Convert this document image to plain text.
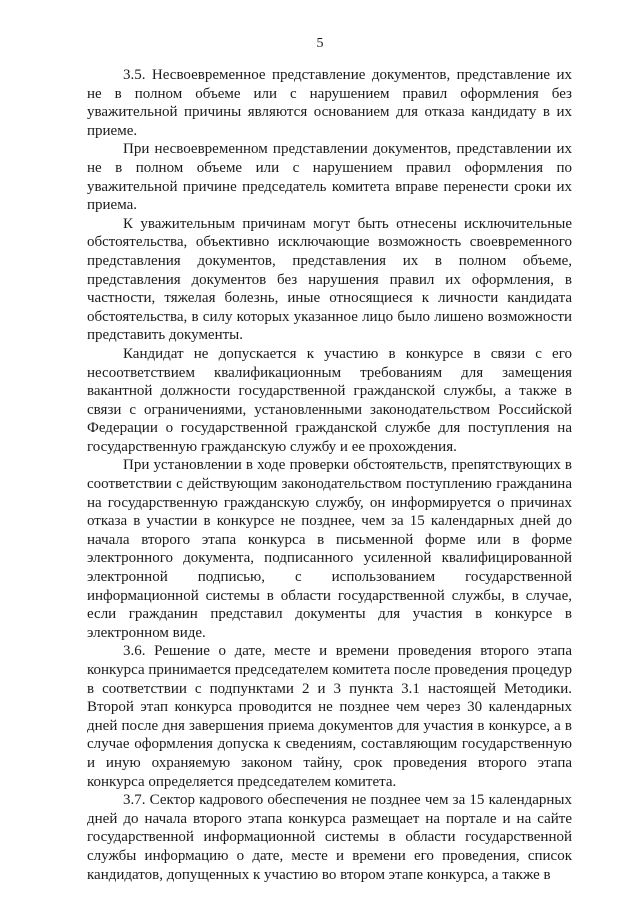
5

3.5. Несвоевременное представление документов, представление их не в полном объеме или с нарушением правил оформления без уважительной причины являются основанием для отказа кандидату в их приеме.

При несвоевременном представлении документов, представлении их не в полном объеме или с нарушением правил оформления по уважительной причине председатель комитета вправе перенести сроки их приема.

К уважительным причинам могут быть отнесены исключительные обстоятельства, объективно исключающие возможность своевременного представления документов, представления их в полном объеме, представления документов без нарушения правил их оформления, в частности, тяжелая болезнь, иные относящиеся к личности кандидата обстоятельства, в силу которых указанное лицо было лишено возможности представить документы.

Кандидат не допускается к участию в конкурсе в связи с его несоответствием квалификационным требованиям для замещения вакантной должности государственной гражданской службы, а также в связи с ограничениями, установленными законодательством Российской Федерации о государственной гражданской службе для поступления на государственную гражданскую службу и ее прохождения.

При установлении в ходе проверки обстоятельств, препятствующих в соответствии с действующим законодательством поступлению гражданина на государственную гражданскую службу, он информируется о причинах отказа в участии в конкурсе не позднее, чем за 15 календарных дней до начала второго этапа конкурса в письменной форме или в форме электронного документа, подписанного усиленной квалифицированной электронной подписью, с использованием государственной информационной системы в области государственной службы, в случае, если гражданин представил документы для участия в конкурсе в электронном виде.

3.6. Решение о дате, месте и времени проведения второго этапа конкурса принимается председателем комитета после проведения процедур в соответствии с подпунктами 2 и 3 пункта 3.1 настоящей Методики. Второй этап конкурса проводится не позднее чем через 30 календарных дней после дня завершения приема документов для участия в конкурсе, а в случае оформления допуска к сведениям, составляющим государственную и иную охраняемую законом тайну, срок проведения второго этапа конкурса определяется председателем комитета.

3.7. Сектор кадрового обеспечения не позднее чем за 15 календарных дней до начала второго этапа конкурса размещает на портале и на сайте государственной информационной системы в области государственной службы информацию о дате, месте и времени его проведения, список кандидатов, допущенных к участию во втором этапе конкурса, а также в
